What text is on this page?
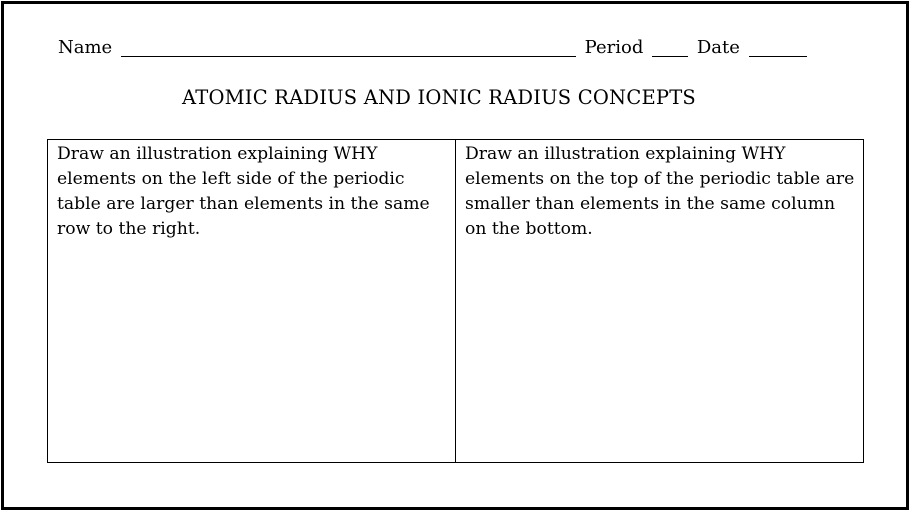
Name	Period	Date
ATOMIC RADIUS AND IONIC RADIUS CONCEPTS
Draw an illustration explaining WHY elements on the left side of the periodic table are larger than elements in the same row to the right.
Draw an illustration explaining WHY elements on the top of the periodic table are smaller than elements in the same column on the bottom.
